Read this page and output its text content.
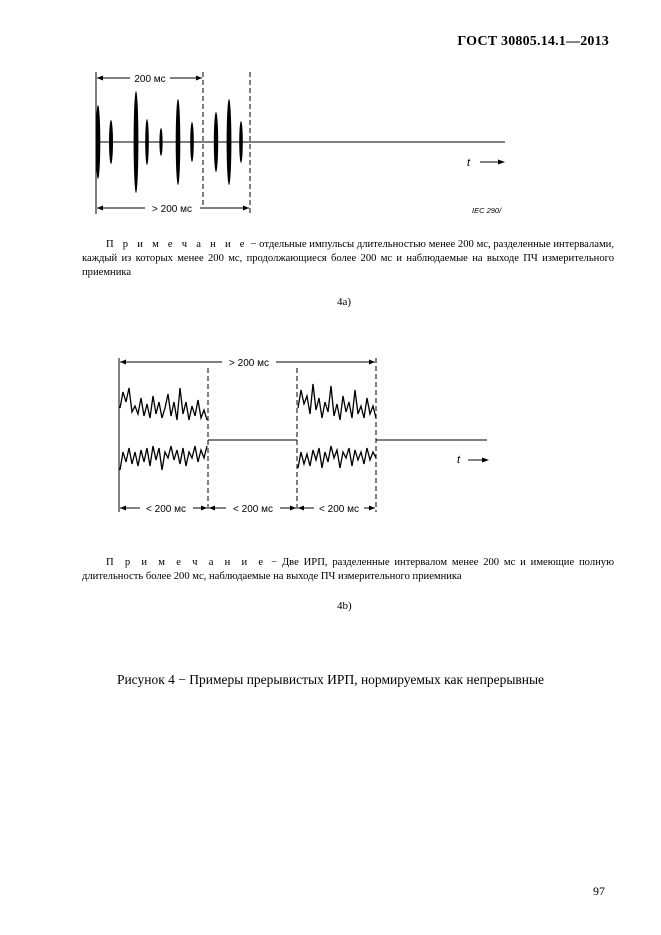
ГОСТ 30805.14.1—2013
200 мс
> 200 мс
t
IEC 290/
П р и м е ч а н и е − отдельные импульсы длительностью менее 200 мс, разделенные интервалами, каждый из которых менее 200 мс, продолжающиеся более 200 мс и наблюдаемые на выходе ПЧ измерительного приемника
4a)
> 200 мс
< 200 мс	< 200 мс	< 200 мс
t
П р и м е ч а н и е − Две ИРП, разделенные интервалом менее 200 мс и имеющие полную длительность более 200 мс, наблюдаемые на выходе ПЧ измерительного приемника
4b)
Рисунок 4 − Примеры прерывистых ИРП, нормируемых как непрерывные
97
